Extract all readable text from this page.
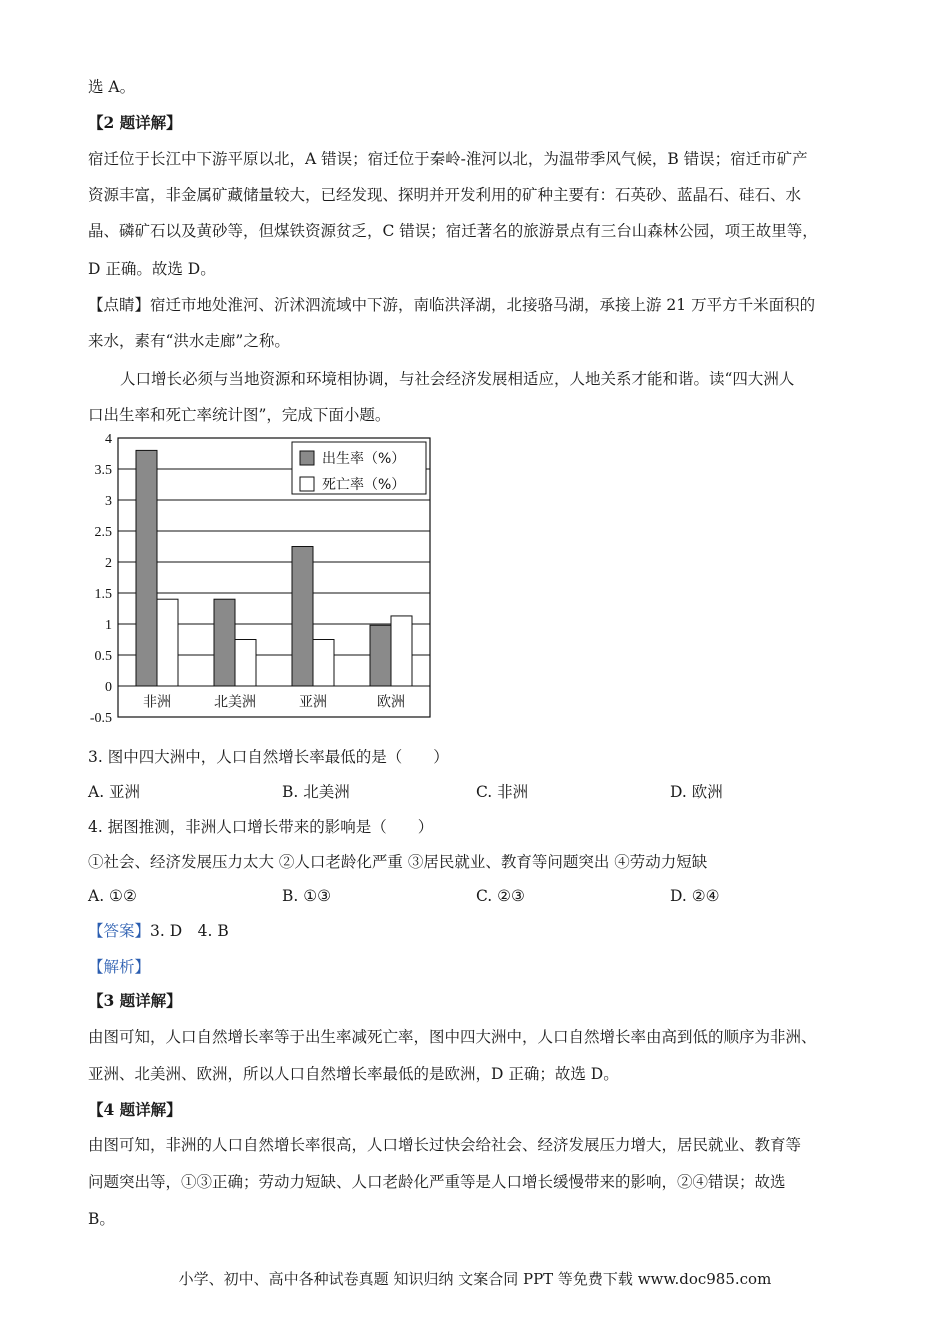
选 A。
【2 题详解】
宿迁位于长江中下游平原以北，A 错误；宿迁位于秦岭-淮河以北，为温带季风气候，B 错误；宿迁市矿产
资源丰富，非金属矿藏储量较大，已经发现、探明并开发利用的矿种主要有：石英砂、蓝晶石、硅石、水
晶、磷矿石以及黄砂等，但煤铁资源贫乏，C 错误；宿迁著名的旅游景点有三台山森林公园，项王故里等，
D 正确。故选 D。
【点睛】宿迁市地处淮河、沂沭泗流域中下游，南临洪泽湖，北接骆马湖，承接上游 21 万平方千米面积的
来水，素有“洪水走廊”之称。
人口增长必须与当地资源和环境相协调，与社会经济发展相适应，人地关系才能和谐。读“四大洲人
口出生率和死亡率统计图”，完成下面小题。
4
3.5
3
2.5
2
1.5
1
0.5
0
-0.5
非洲	北美洲	亚洲	欧洲
出生率（%）
死亡率（%）
3. 图中四大洲中，人口自然增长率最低的是（　　）
A. 亚洲	B. 北美洲	C. 非洲	D. 欧洲
4. 据图推测，非洲人口增长带来的影响是（　　）
①社会、经济发展压力太大 ②人口老龄化严重 ③居民就业、教育等问题突出 ④劳动力短缺
A. ①②	B. ①③	C. ②③	D. ②④
【答案】3. D　4. B
【解析】
【3 题详解】
由图可知，人口自然增长率等于出生率减死亡率，图中四大洲中，人口自然增长率由高到低的顺序为非洲、
亚洲、北美洲、欧洲，所以人口自然增长率最低的是欧洲，D 正确；故选 D。
【4 题详解】
由图可知，非洲的人口自然增长率很高，人口增长过快会给社会、经济发展压力增大，居民就业、教育等
问题突出等，①③正确；劳动力短缺、人口老龄化严重等是人口增长缓慢带来的影响，②④错误；故选
B。
小学、初中、高中各种试卷真题 知识归纳 文案合同 PPT 等免费下载 www.doc985.com
